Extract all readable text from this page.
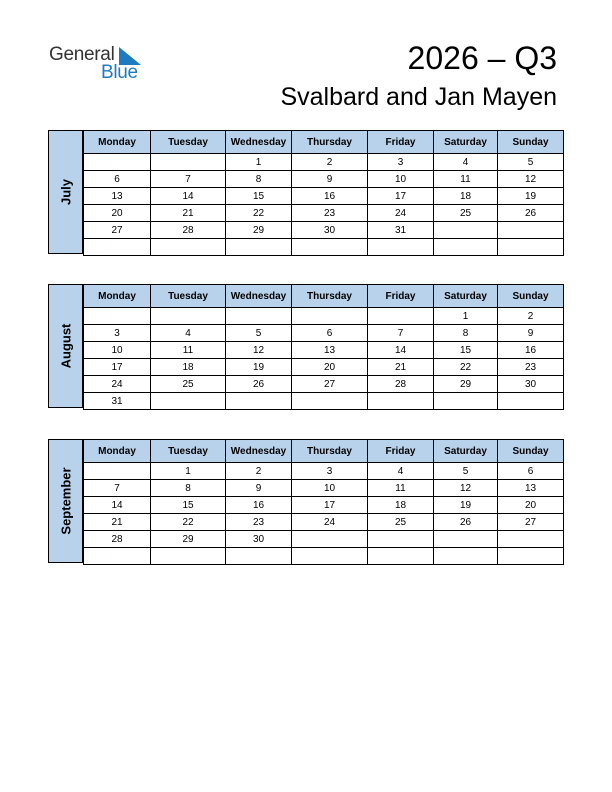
General
Blue	2026 – Q3
Svalbard and Jan Mayen
July
Monday	Tuesday	Wednesday	Thursday	Friday	Saturday	Sunday
		1	2	3	4	5
6	7	8	9	10	11	12
13	14	15	16	17	18	19
20	21	22	23	24	25	26
27	28	29	30	31		

August
Monday	Tuesday	Wednesday	Thursday	Friday	Saturday	Sunday
					1	2
3	4	5	6	7	8	9
10	11	12	13	14	15	16
17	18	19	20	21	22	23
24	25	26	27	28	29	30
31						
September
Monday	Tuesday	Wednesday	Thursday	Friday	Saturday	Sunday
	1	2	3	4	5	6
7	8	9	10	11	12	13
14	15	16	17	18	19	20
21	22	23	24	25	26	27
28	29	30				
